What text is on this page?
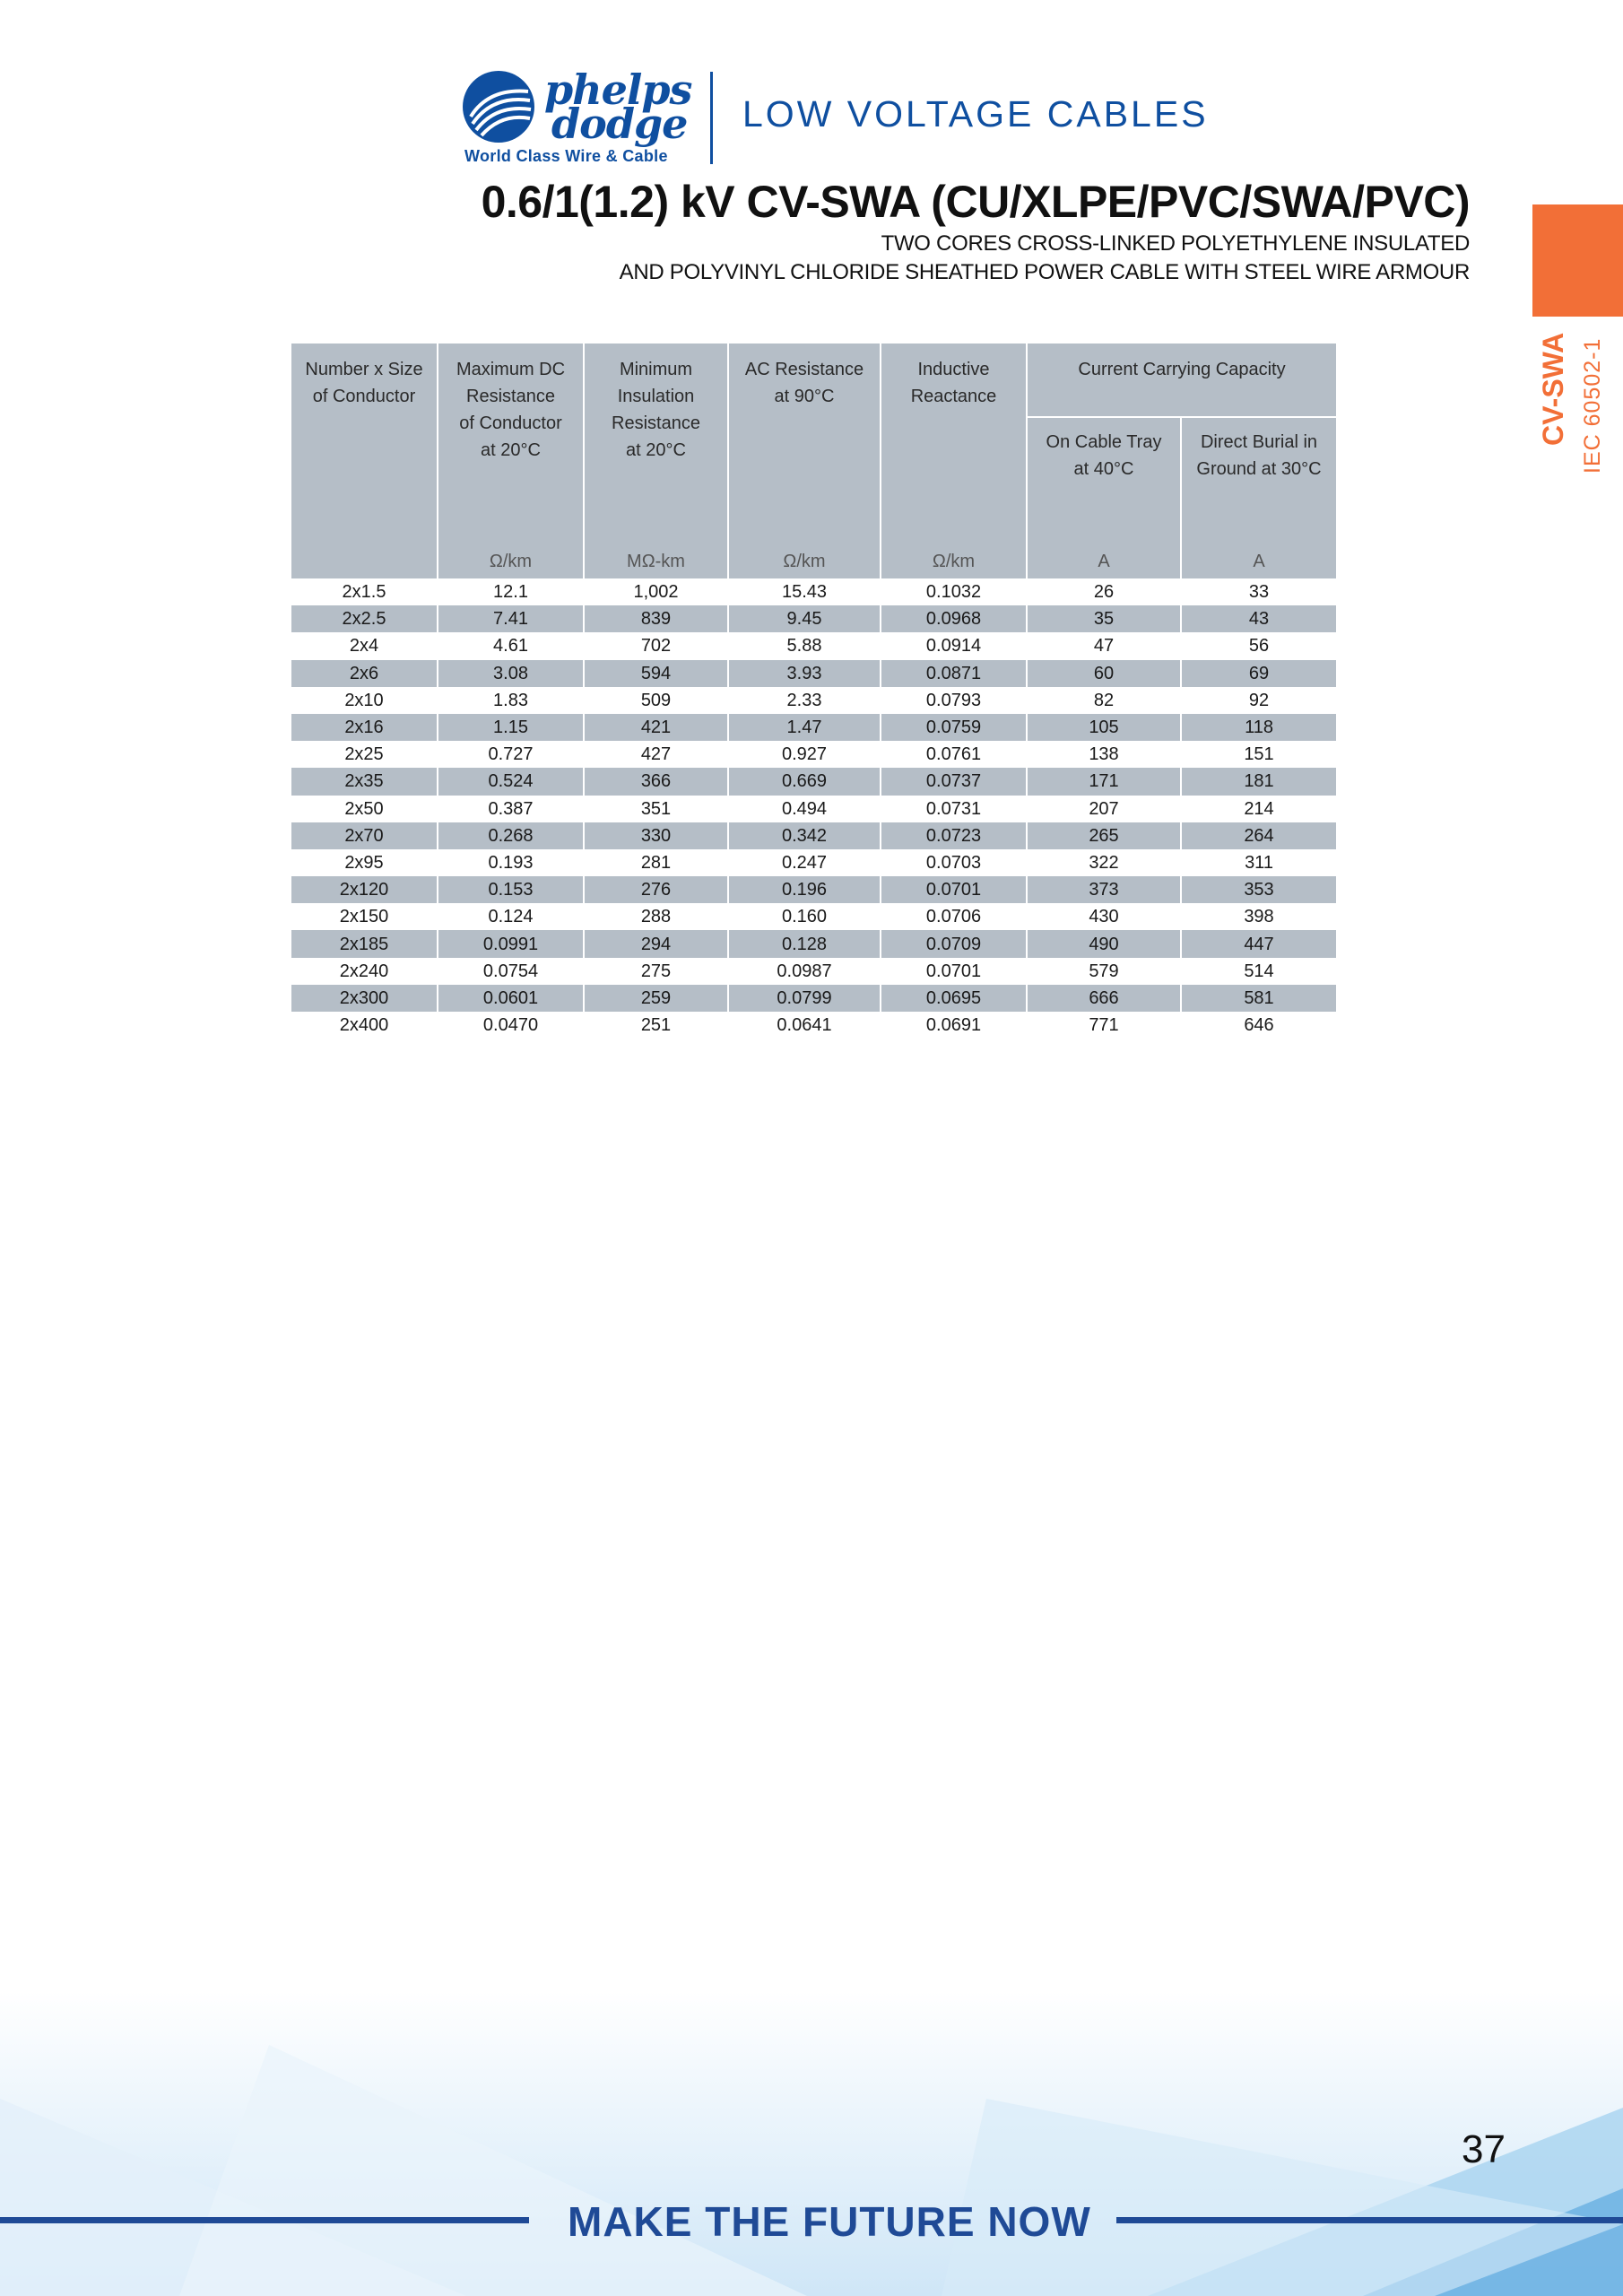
phelps
dodge
World Class Wire & Cable
LOW VOLTAGE CABLES
0.6/1(1.2) kV CV-SWA (CU/XLPE/PVC/SWA/PVC)
TWO CORES CROSS-LINKED POLYETHYLENE INSULATED
AND POLYVINYL CHLORIDE SHEATHED POWER CABLE WITH STEEL WIRE ARMOUR
CV-SWA IEC 60502-1
Number x Size
of Conductor	Maximum DC
Resistance
of Conductor
at 20°C
Ω/km	Minimum
Insulation
Resistance
at 20°C
MΩ-km	AC Resistance
at 90°C
Ω/km	Inductive
Reactance
Ω/km	Current Carrying Capacity	

					On Cable Tray
at 40°C
A	Direct Burial in
Ground at 30°C
A

2x1.5	12.1	1,002	15.43	0.1032	26	33
2x2.5	7.41	839	9.45	0.0968	35	43
2x4	4.61	702	5.88	0.0914	47	56
2x6	3.08	594	3.93	0.0871	60	69
2x10	1.83	509	2.33	0.0793	82	92
2x16	1.15	421	1.47	0.0759	105	118
2x25	0.727	427	0.927	0.0761	138	151
2x35	0.524	366	0.669	0.0737	171	181
2x50	0.387	351	0.494	0.0731	207	214
2x70	0.268	330	0.342	0.0723	265	264
2x95	0.193	281	0.247	0.0703	322	311
2x120	0.153	276	0.196	0.0701	373	353
2x150	0.124	288	0.160	0.0706	430	398
2x185	0.0991	294	0.128	0.0709	490	447
2x240	0.0754	275	0.0987	0.0701	579	514
2x300	0.0601	259	0.0799	0.0695	666	581
2x400	0.0470	251	0.0641	0.0691	771	646
MAKE THE FUTURE NOW
37
